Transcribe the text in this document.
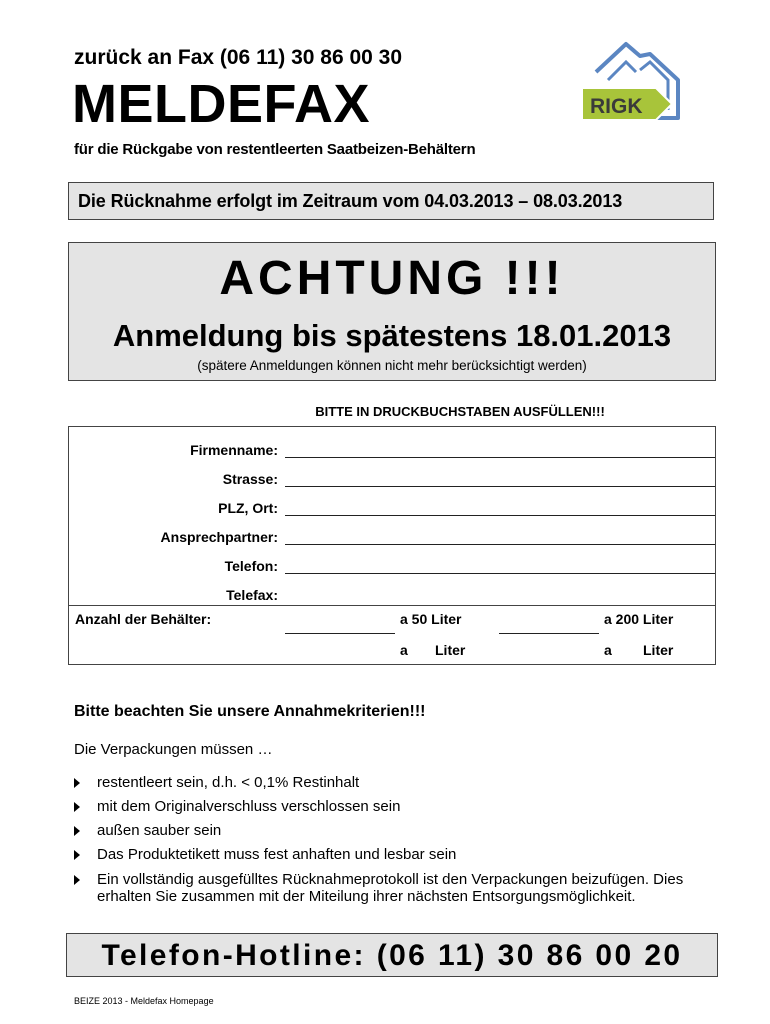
zurück an Fax (06 11) 30 86 00 30
MELDEFAX
für die Rückgabe von restentleerten Saatbeizen-Behältern
RIGK
Die Rücknahme erfolgt im Zeitraum vom 04.03.2013 – 08.03.2013
ACHTUNG !!!
Anmeldung bis spätestens 18.01.2013
(spätere Anmeldungen können nicht mehr berücksichtigt werden)
BITTE IN DRUCKBUCHSTABEN AUSFÜLLEN!!!
Firmenname:
Strasse:
PLZ, Ort:
Ansprechpartner:
Telefon:
Telefax:
Anzahl der Behälter:	a 50 Liter	a 200 Liter
a Liter	a Liter
Bitte beachten Sie unsere Annahmekriterien!!!
Die Verpackungen müssen …
restentleert sein, d.h. < 0,1% Restinhalt
mit dem Originalverschluss verschlossen sein
außen sauber sein
Das Produktetikett muss fest anhaften und lesbar sein
Ein vollständig ausgefülltes Rücknahmeprotokoll ist den Verpackungen beizufügen. Dies erhalten Sie zusammen mit der Miteilung ihrer nächsten Entsorgungsmöglichkeit.
Telefon-Hotline: (06 11) 30 86 00 20
BEIZE 2013 - Meldefax Homepage
